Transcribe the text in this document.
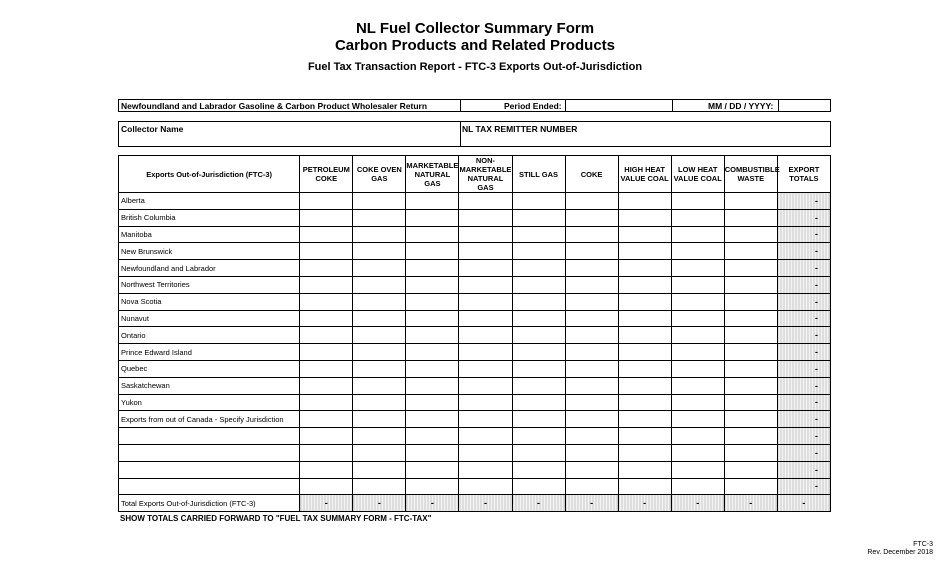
NL Fuel Collector Summary Form
Carbon Products and Related Products
Fuel Tax Transaction Report - FTC-3 Exports Out-of-Jurisdiction
Newfoundland and Labrador Gasoline & Carbon Product Wholesaler Return	Period Ended:	MM / DD / YYYY:
Collector Name	NL TAX REMITTER NUMBER
Exports Out-of-Jurisdiction (FTC-3)	PETROLEUM COKE	COKE OVEN GAS	MARKETABLE NATURAL GAS	NON-MARKETABLE NATURAL GAS	STILL GAS	COKE	HIGH HEAT VALUE COAL	LOW HEAT VALUE COAL	COMBUSTIBLE WASTE	EXPORT TOTALS
Alberta										-
British Columbia										-
Manitoba										-
New Brunswick										-
Newfoundland and Labrador										-
Northwest Territories										-
Nova Scotia										-
Nunavut										-
Ontario										-
Prince Edward Island										-
Quebec										-
Saskatchewan										-
Yukon										-
Exports from out of Canada - Specify Jurisdiction										-
										-
										-
										-
										-
Total Exports Out-of-Jurisdiction (FTC-3)	-	-	-	-	-	-	-	-	-	-
SHOW TOTALS CARRIED FORWARD TO "FUEL TAX SUMMARY FORM - FTC-TAX"
FTC-3
Rev. December 2018
